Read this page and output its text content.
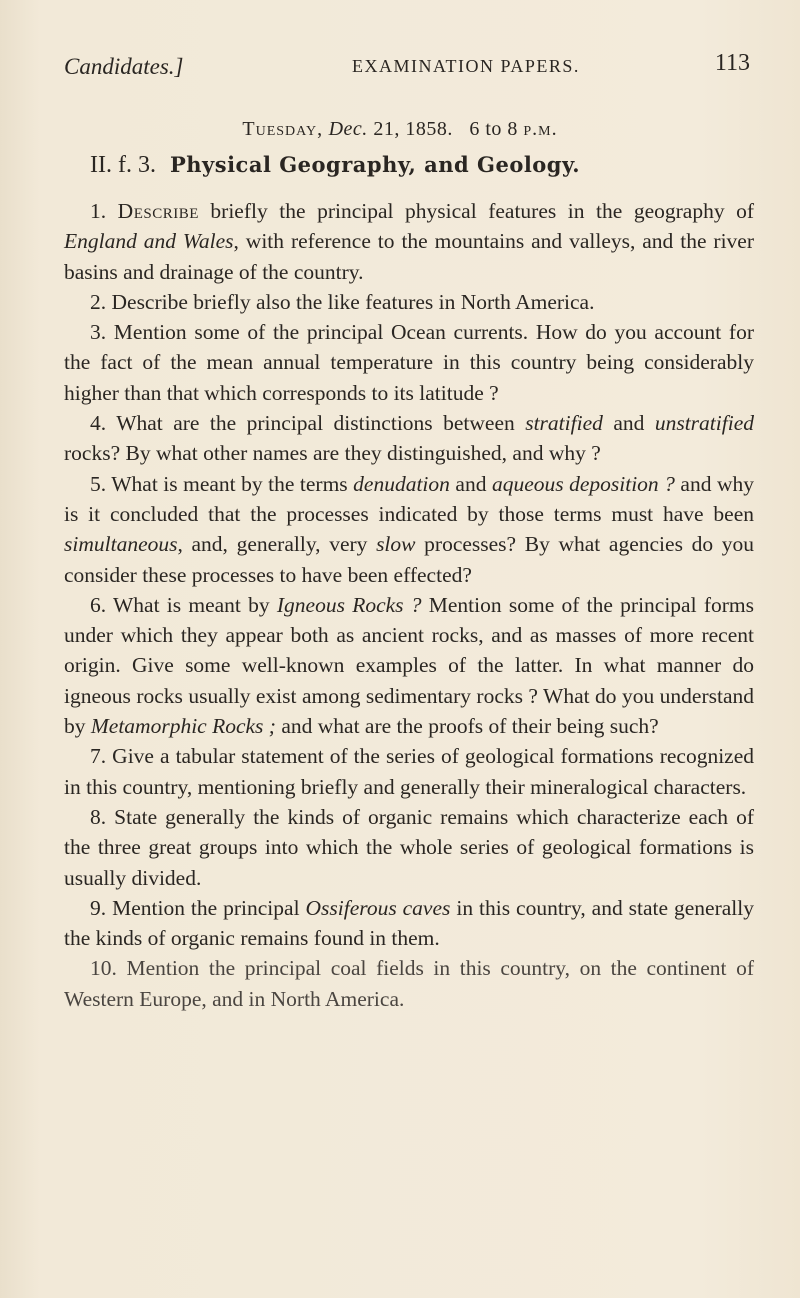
Candidates.]	EXAMINATION PAPERS.	113
Tuesday, Dec. 21, 1858. 6 to 8 p.m.
II. f. 3. Physical Geography, and Geology.

1. Describe briefly the principal physical features in the geography of England and Wales, with reference to the mountains and valleys, and the river basins and drainage of the country.

2. Describe briefly also the like features in North America.

3. Mention some of the principal Ocean currents. How do you account for the fact of the mean annual temperature in this country being considerably higher than that which corresponds to its latitude ?

4. What are the principal distinctions between stratified and unstratified rocks? By what other names are they distinguished, and why ?

5. What is meant by the terms denudation and aqueous deposition ? and why is it concluded that the processes indicated by those terms must have been simultaneous, and, generally, very slow processes? By what agencies do you consider these processes to have been effected?

6. What is meant by Igneous Rocks ? Mention some of the principal forms under which they appear both as ancient rocks, and as masses of more recent origin. Give some well-known examples of the latter. In what manner do igneous rocks usually exist among sedimentary rocks ? What do you understand by Metamorphic Rocks ; and what are the proofs of their being such?

7. Give a tabular statement of the series of geological formations recognized in this country, mentioning briefly and generally their mineralogical characters.

8. State generally the kinds of organic remains which characterize each of the three great groups into which the whole series of geological formations is usually divided.

9. Mention the principal Ossiferous caves in this country, and state generally the kinds of organic remains found in them.

10. Mention the principal coal fields in this country, on the continent of Western Europe, and in North America.
